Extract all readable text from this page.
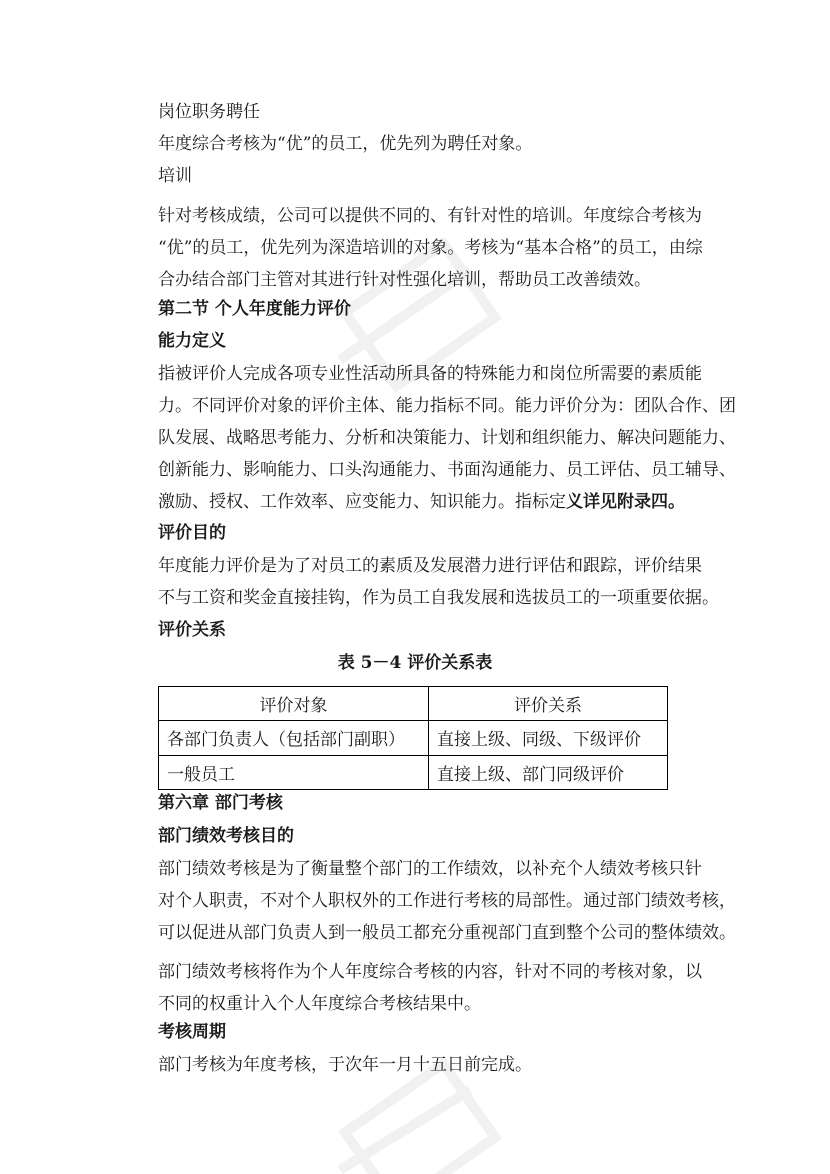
岗位职务聘任
年度综合考核为“优”的员工，优先列为聘任对象。
培训
针对考核成绩，公司可以提供不同的、有针对性的培训。年度综合考核为
“优”的员工，优先列为深造培训的对象。考核为“基本合格”的员工，由综
合办结合部门主管对其进行针对性强化培训，帮助员工改善绩效。
第二节 个人年度能力评价
能力定义
指被评价人完成各项专业性活动所具备的特殊能力和岗位所需要的素质能
力。不同评价对象的评价主体、能力指标不同。能力评价分为：团队合作、团
队发展、战略思考能力、分析和决策能力、计划和组织能力、解决问题能力、
创新能力、影响能力、口头沟通能力、书面沟通能力、员工评估、员工辅导、
激励、授权、工作效率、应变能力、知识能力。指标定义详见附录四。
评价目的
年度能力评价是为了对员工的素质及发展潜力进行评估和跟踪，评价结果
不与工资和奖金直接挂钩，作为员工自我发展和选拔员工的一项重要依据。
评价关系
表 5－4 评价关系表
评价对象	评价关系
各部门负责人（包括部门副职）	直接上级、同级、下级评价
一般员工	直接上级、部门同级评价
第六章 部门考核
部门绩效考核目的
部门绩效考核是为了衡量整个部门的工作绩效，以补充个人绩效考核只针
对个人职责，不对个人职权外的工作进行考核的局部性。通过部门绩效考核，
可以促进从部门负责人到一般员工都充分重视部门直到整个公司的整体绩效。
部门绩效考核将作为个人年度综合考核的内容，针对不同的考核对象，以
不同的权重计入个人年度综合考核结果中。
考核周期
部门考核为年度考核，于次年一月十五日前完成。
